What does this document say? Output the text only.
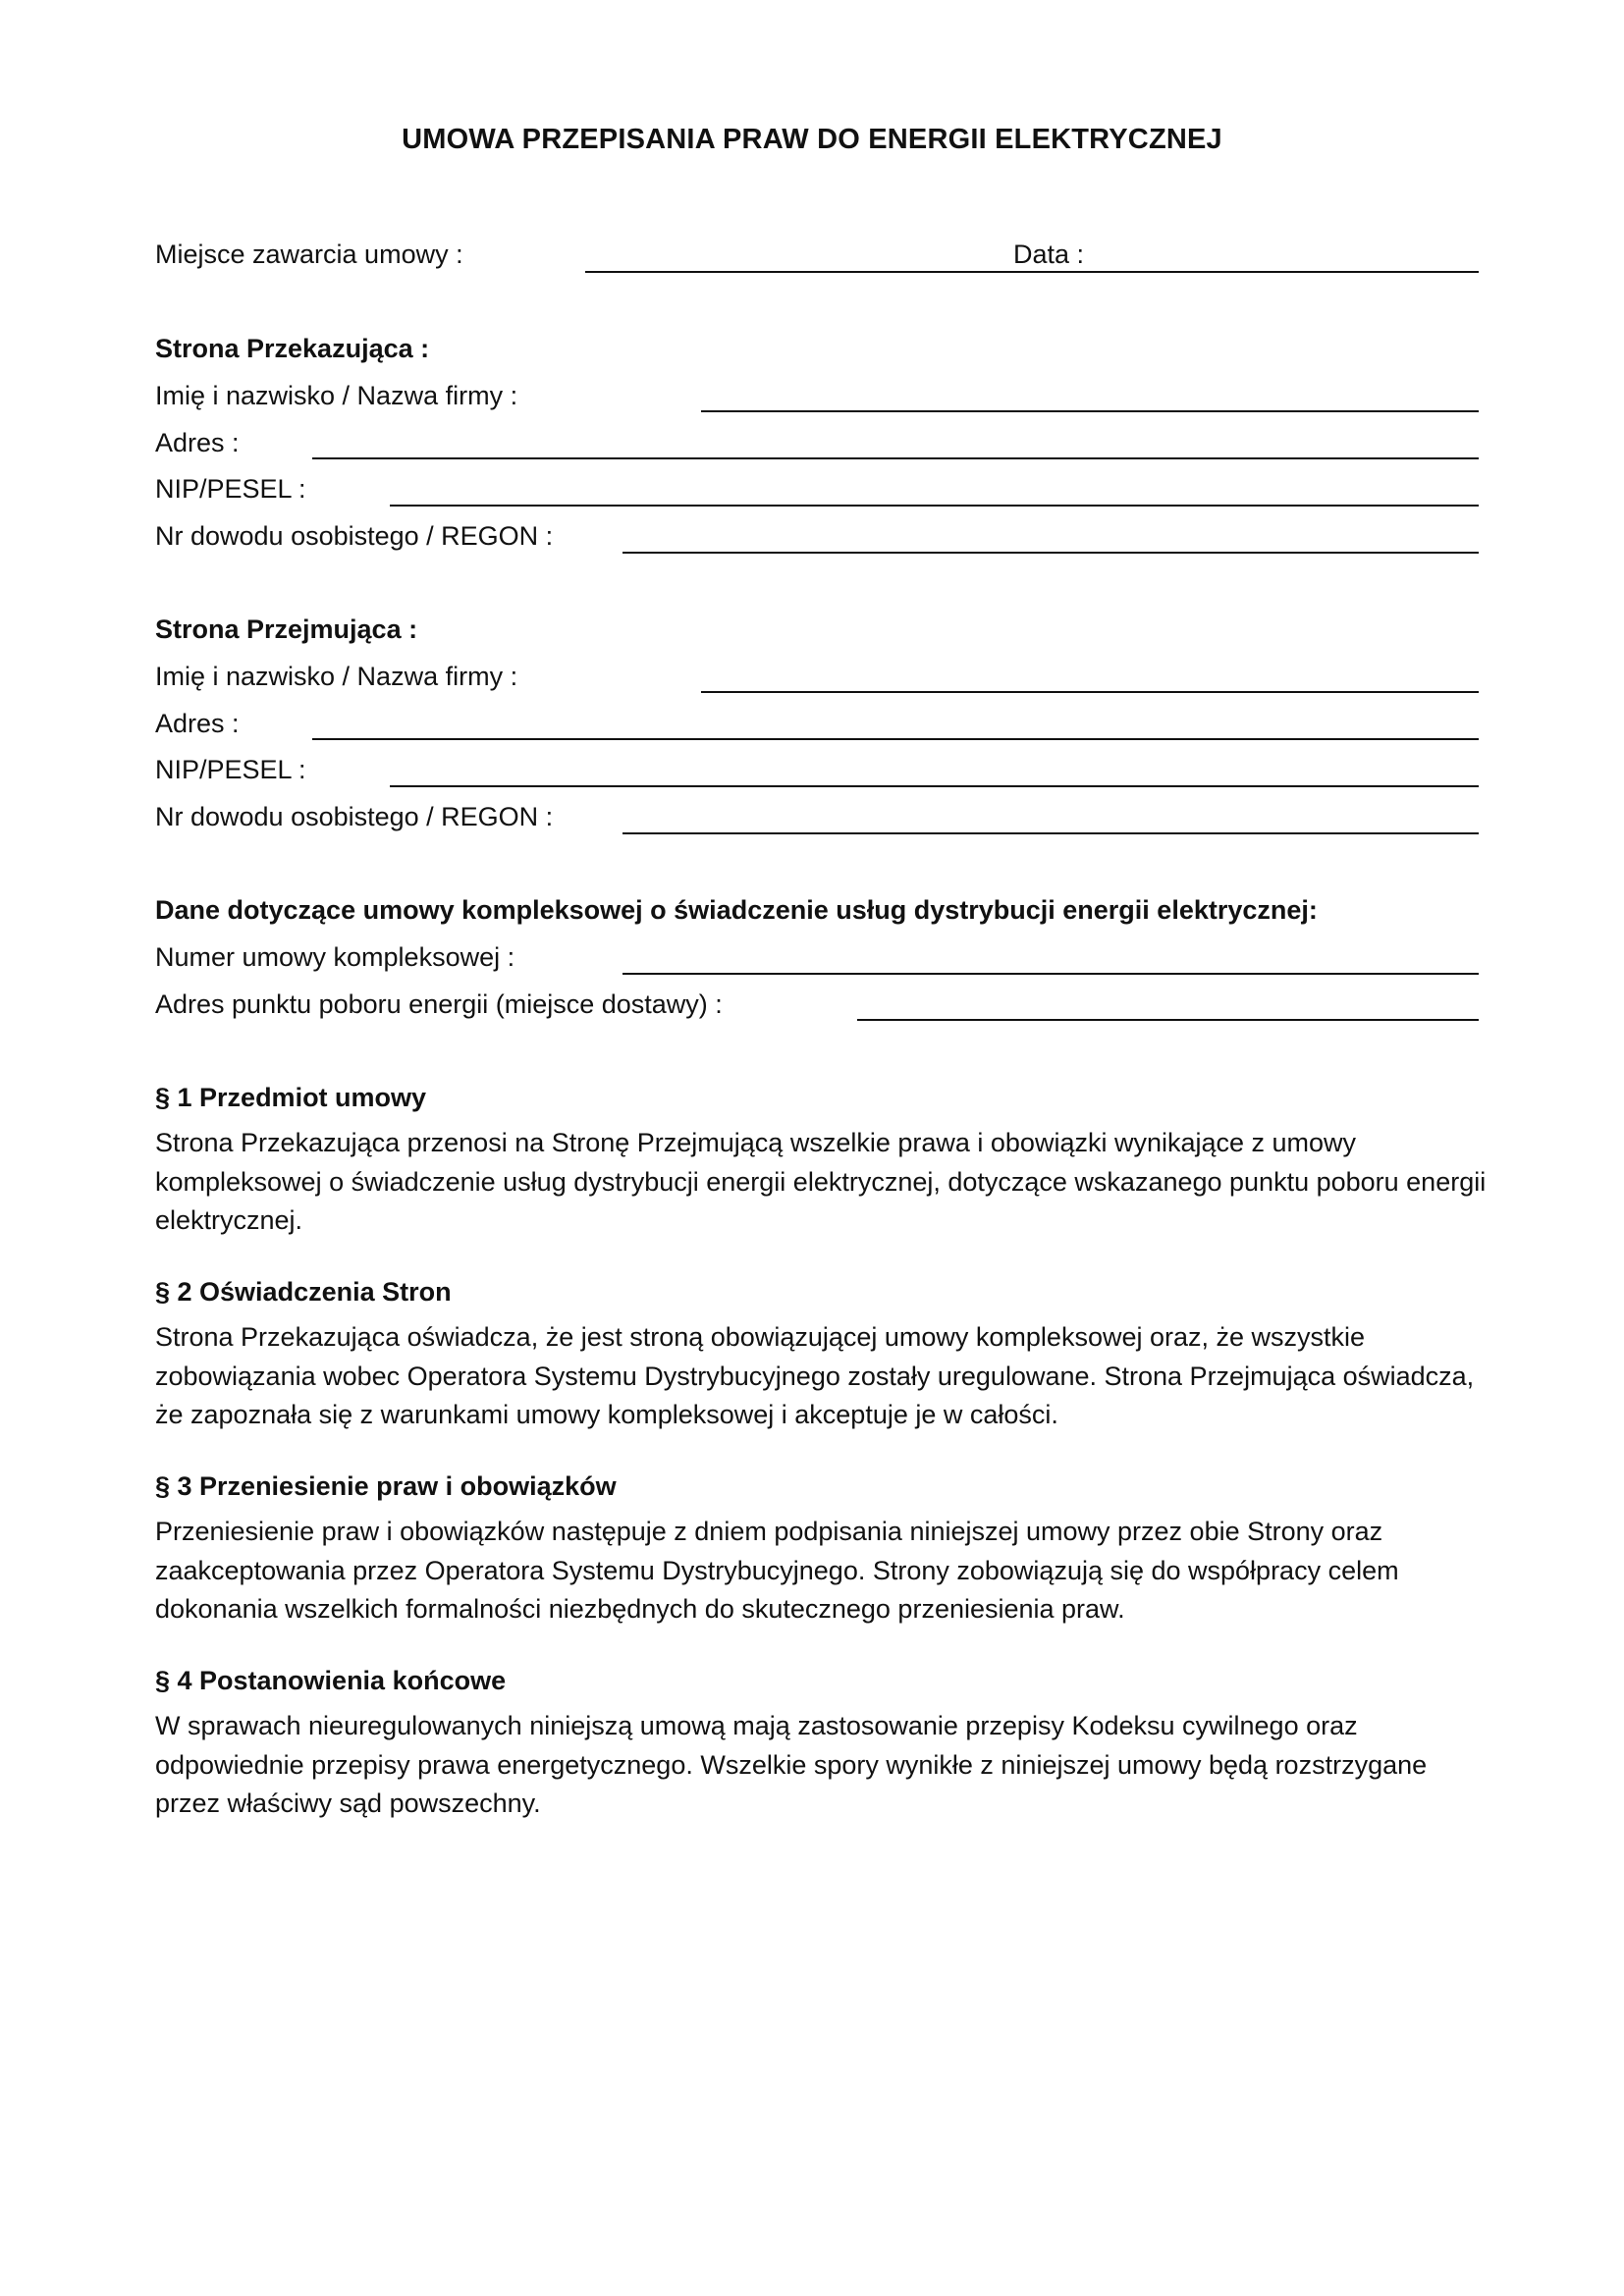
UMOWA PRZEPISANIA PRAW DO ENERGII ELEKTRYCZNEJ
Miejsce zawarcia umowy :	Data :
Strona Przekazująca :
Imię i nazwisko / Nazwa firmy :
Adres :
NIP/PESEL :
Nr dowodu osobistego / REGON :
Strona Przejmująca :
Imię i nazwisko / Nazwa firmy :
Adres :
NIP/PESEL :
Nr dowodu osobistego / REGON :
Dane dotyczące umowy kompleksowej o świadczenie usług dystrybucji energii elektrycznej:
Numer umowy kompleksowej :
Adres punktu poboru energii (miejsce dostawy) :
§ 1 Przedmiot umowy
Strona Przekazująca przenosi na Stronę Przejmującą wszelkie prawa i obowiązki wynikające z umowy kompleksowej o świadczenie usług dystrybucji energii elektrycznej, dotyczące wskazanego punktu poboru energii elektrycznej.
§ 2 Oświadczenia Stron
Strona Przekazująca oświadcza, że jest stroną obowiązującej umowy kompleksowej oraz, że wszystkie zobowiązania wobec Operatora Systemu Dystrybucyjnego zostały uregulowane. Strona Przejmująca oświadcza, że zapoznała się z warunkami umowy kompleksowej i akceptuje je w całości.
§ 3 Przeniesienie praw i obowiązków
Przeniesienie praw i obowiązków następuje z dniem podpisania niniejszej umowy przez obie Strony oraz zaakceptowania przez Operatora Systemu Dystrybucyjnego. Strony zobowiązują się do współpracy celem dokonania wszelkich formalności niezbędnych do skutecznego przeniesienia praw.
§ 4 Postanowienia końcowe
W sprawach nieuregulowanych niniejszą umową mają zastosowanie przepisy Kodeksu cywilnego oraz odpowiednie przepisy prawa energetycznego. Wszelkie spory wynikłe z niniejszej umowy będą rozstrzygane przez właściwy sąd powszechny.
